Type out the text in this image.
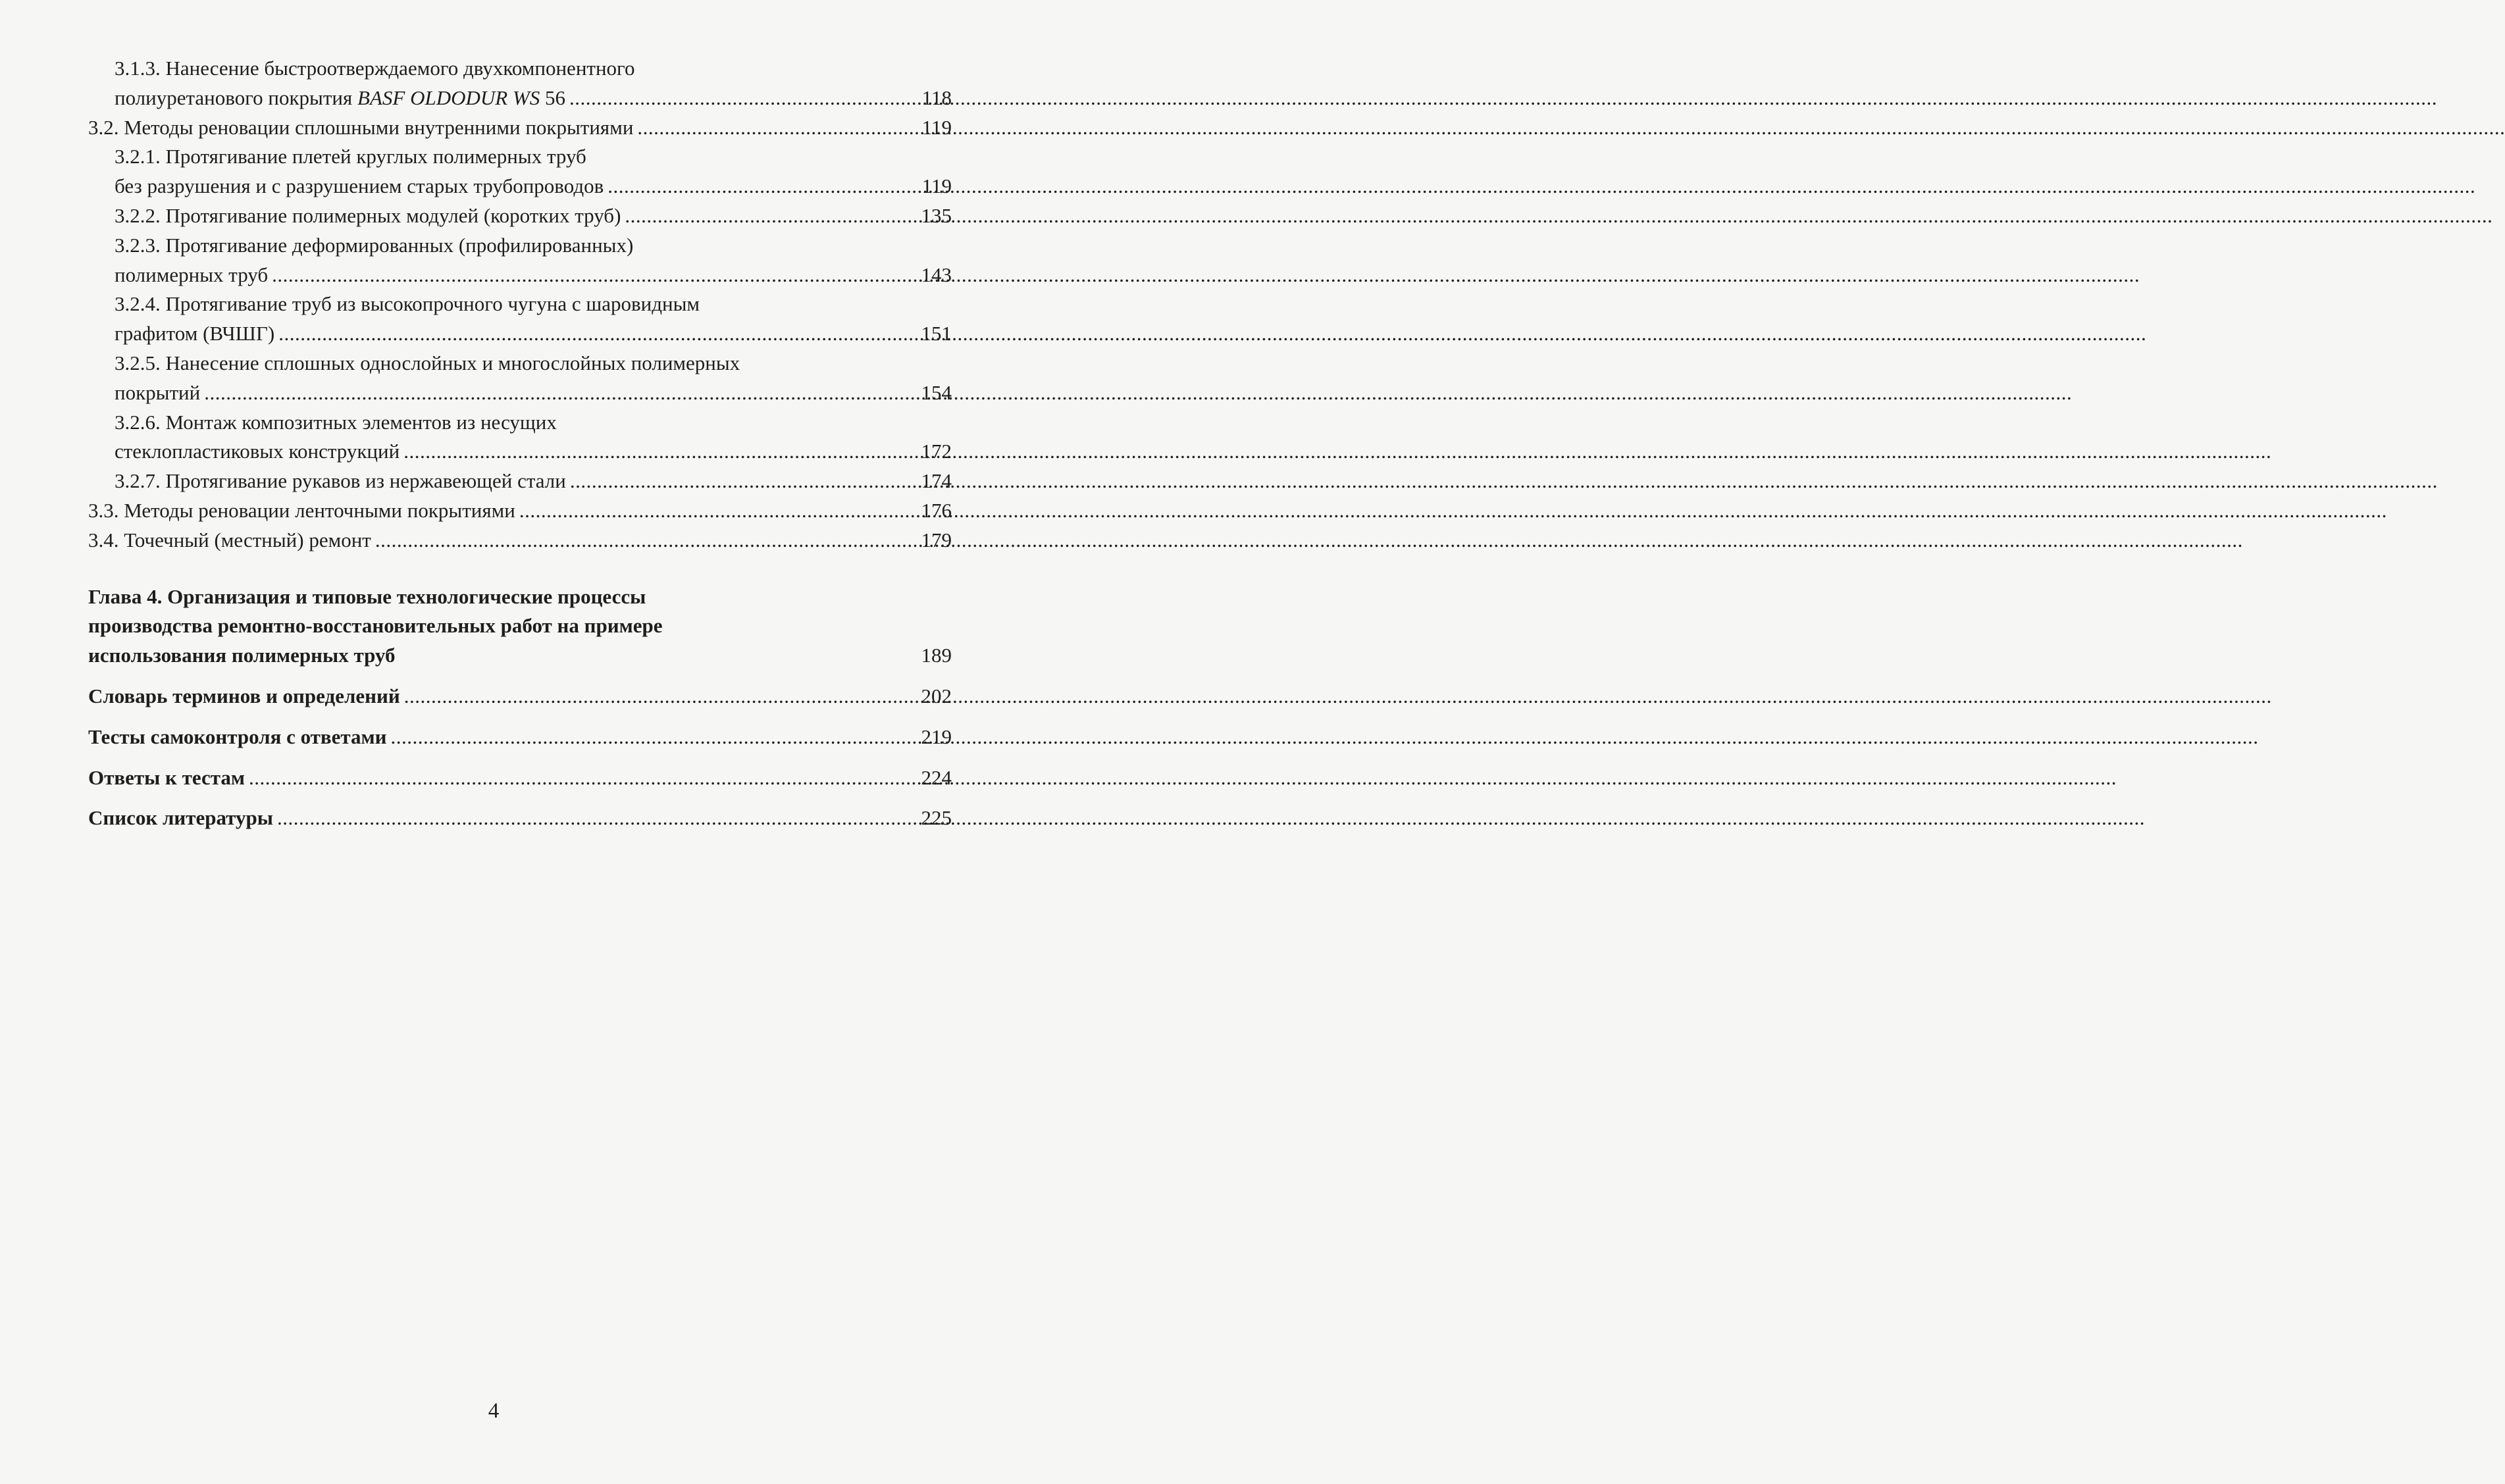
3.1.3. Нанесение быстроотверждаемого двухкомпонентного
полиуретанового покрытия BASF OLDODUR WS 56 .....	118
3.2. Методы реновации сплошными внутренними покрытиями .....	119
3.2.1. Протягивание плетей круглых полимерных труб
без разрушения и с разрушением старых трубопроводов .....	119
3.2.2. Протягивание полимерных модулей (коротких труб) .....	135
3.2.3. Протягивание деформированных (профилированных)
полимерных труб .....	143
3.2.4. Протягивание труб из высокопрочного чугуна с шаровидным
графитом (ВЧШГ) .....	151
3.2.5. Нанесение сплошных однослойных и многослойных полимерных
покрытий .....	154
3.2.6. Монтаж композитных элементов из несущих
стеклопластиковых конструкций .....	172
3.2.7. Протягивание рукавов из нержавеющей стали .....	174
3.3. Методы реновации ленточными покрытиями .....	176
3.4. Точечный (местный) ремонт .....	179
Глава 4. Организация и типовые технологические процессы
производства ремонтно-восстановительных работ на примере
использования полимерных труб	189
Словарь терминов и определений .....	202
Тесты самоконтроля с ответами .....	219
Ответы к тестам .....	224
Список литературы .....	225
4
